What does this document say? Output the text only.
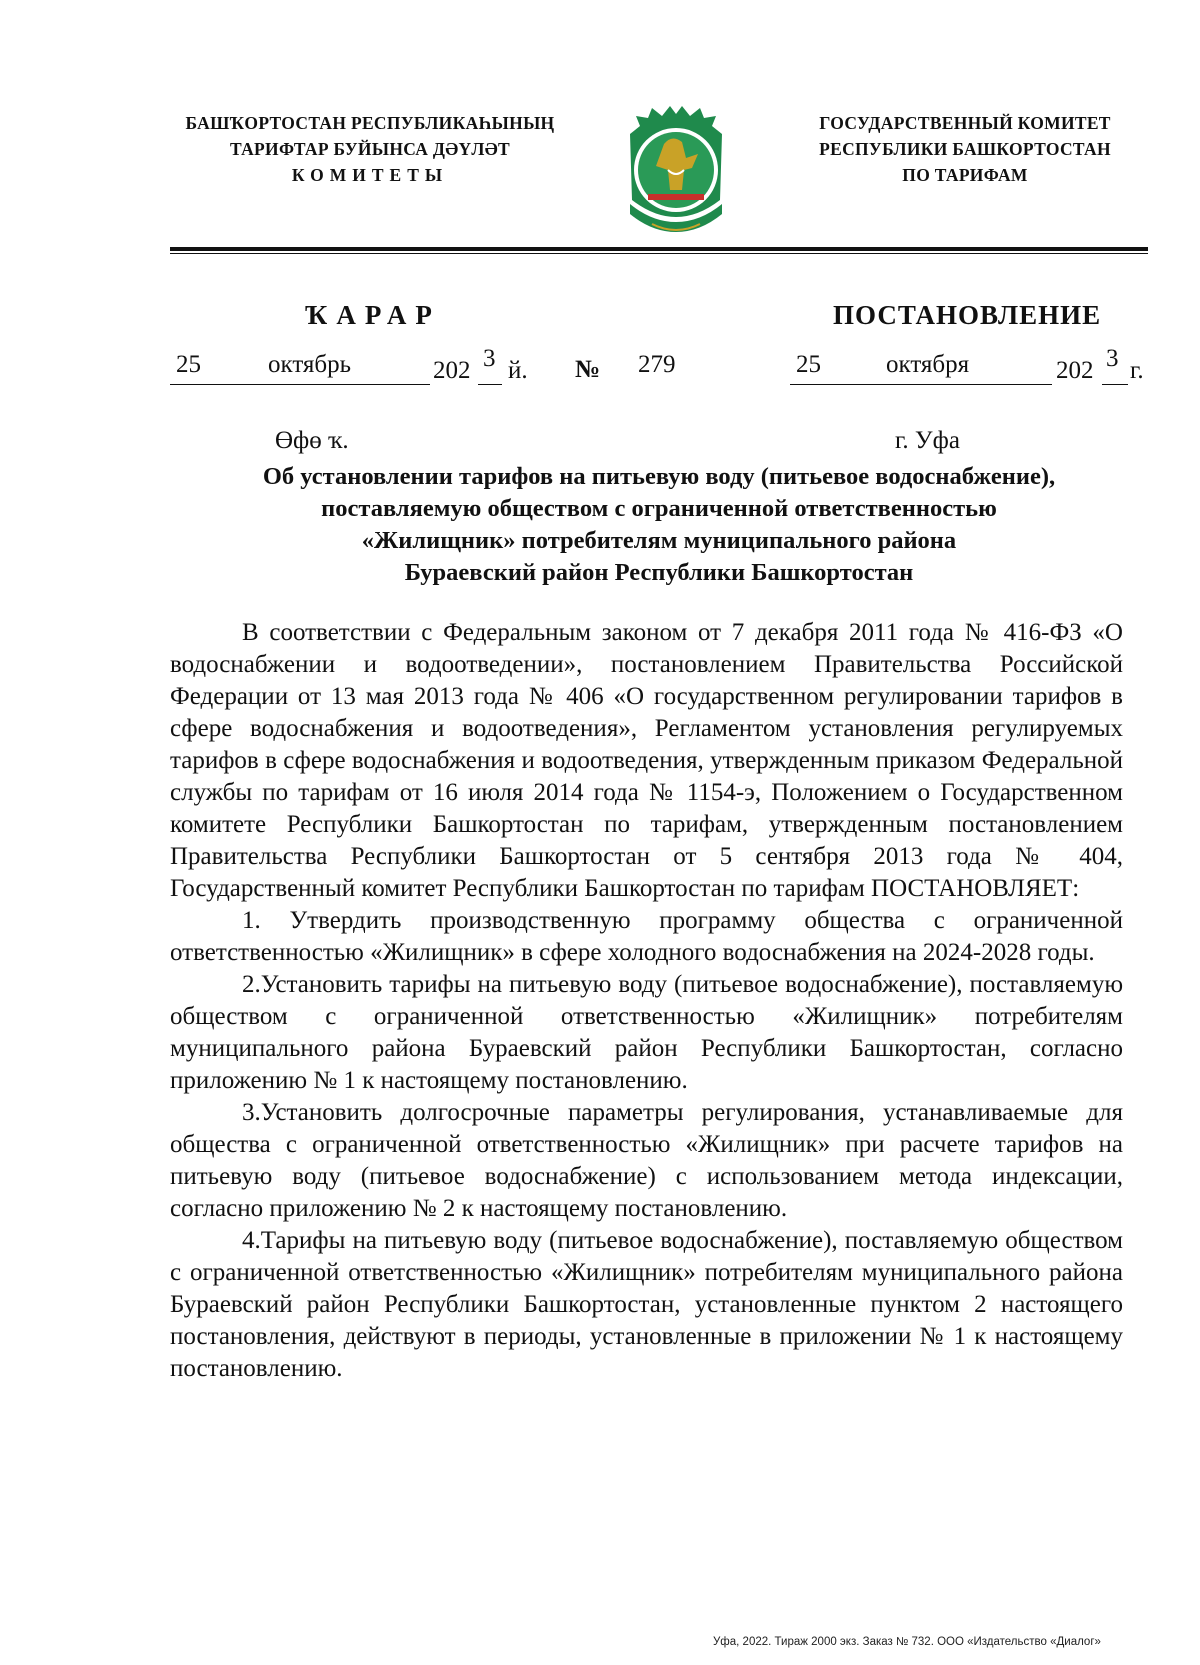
БАШҠОРТОСТАН РЕСПУБЛИКАҺЫНЫҢ
ТАРИФТАР БУЙЫНСА ДӘҮЛӘТ
КОМИТЕТЫ
ГОСУДАРСТВЕННЫЙ КОМИТЕТ
РЕСПУБЛИКИ БАШКОРТОСТАН
ПО ТАРИФАМ
ҠАРАР	ПОСТАНОВЛЕНИЕ
25	октябрь	202 3 й. № 279	25	октября	202 3 г.
Өфө ҡ.	г. Уфа
Об установлении тарифов на питьевую воду (питьевое водоснабжение),
поставляемую обществом с ограниченной ответственностью
«Жилищник» потребителям муниципального района
Бураевский район Республики Башкортостан

В соответствии с Федеральным законом от 7 декабря 2011 года № 416-ФЗ «О водоснабжении и водоотведении», постановлением Правительства Российской Федерации от 13 мая 2013 года № 406 «О государственном регулировании тарифов в сфере водоснабжения и водоотведения», Регламентом установления регулируемых тарифов в сфере водоснабжения и водоотведения, утвержденным приказом Федеральной службы по тарифам от 16 июля 2014 года № 1154-э, Положением о Государственном комитете Республики Башкортостан по тарифам, утвержденным постановлением Правительства Республики Башкортостан от 5 сентября 2013 года № 404, Государственный комитет Республики Башкортостан по тарифам ПОСТАНОВЛЯЕТ:

1. Утвердить производственную программу общества с ограниченной ответственностью «Жилищник» в сфере холодного водоснабжения на 2024-2028 годы.

2.Установить тарифы на питьевую воду (питьевое водоснабжение), поставляемую обществом с ограниченной ответственностью «Жилищник» потребителям муниципального района Бураевский район Республики Башкортостан, согласно приложению № 1 к настоящему постановлению.

3.Установить долгосрочные параметры регулирования, устанавливаемые для общества с ограниченной ответственностью «Жилищник» при расчете тарифов на питьевую воду (питьевое водоснабжение) с использованием метода индексации, согласно приложению № 2 к настоящему постановлению.

4.Тарифы на питьевую воду (питьевое водоснабжение), поставляемую обществом с ограниченной ответственностью «Жилищник» потребителям муниципального района Бураевский район Республики Башкортостан, установленные пунктом 2 настоящего постановления, действуют в периоды, установленные в приложении № 1 к настоящему постановлению.

Уфа, 2022. Тираж 2000 экз. Заказ № 732. ООО «Издательство «Диалог»
